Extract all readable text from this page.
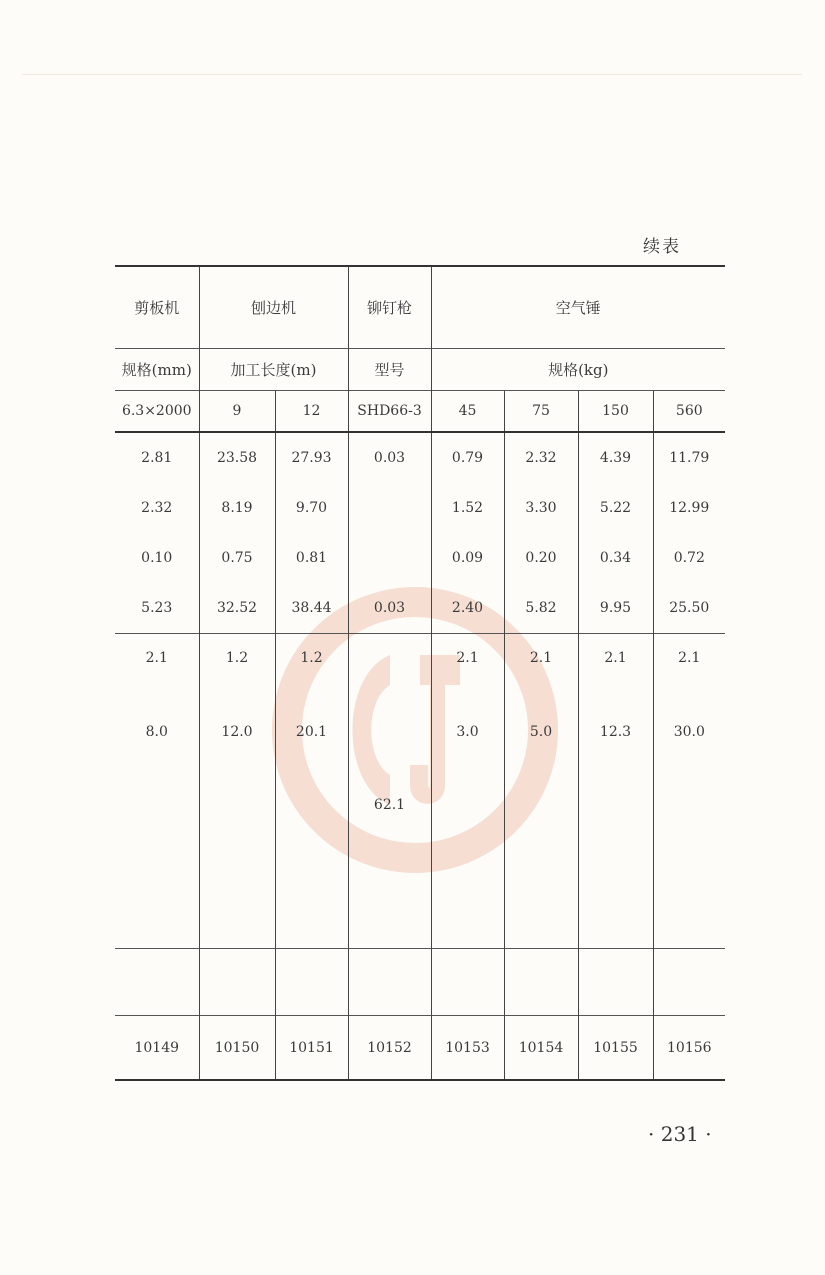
续表
剪板机	刨边机		铆钉枪	空气锤			
规格(mm)	加工长度(m)		型号	规格(kg)			
6.3×2000	9	12	SHD66-3	45	75	150	560
2.81	23.58	27.93	0.03	0.79	2.32	4.39	11.79
2.32	8.19	9.70		1.52	3.30	5.22	12.99
0.10	0.75	0.81		0.09	0.20	0.34	0.72
5.23	32.52	38.44	0.03	2.40	5.82	9.95	25.50
2.1	1.2	1.2		2.1	2.1	2.1	2.1
8.0	12.0	20.1		3.0	5.0	12.3	30.0
			62.1				

10149	10150	10151	10152	10153	10154	10155	10156
· 231 ·
